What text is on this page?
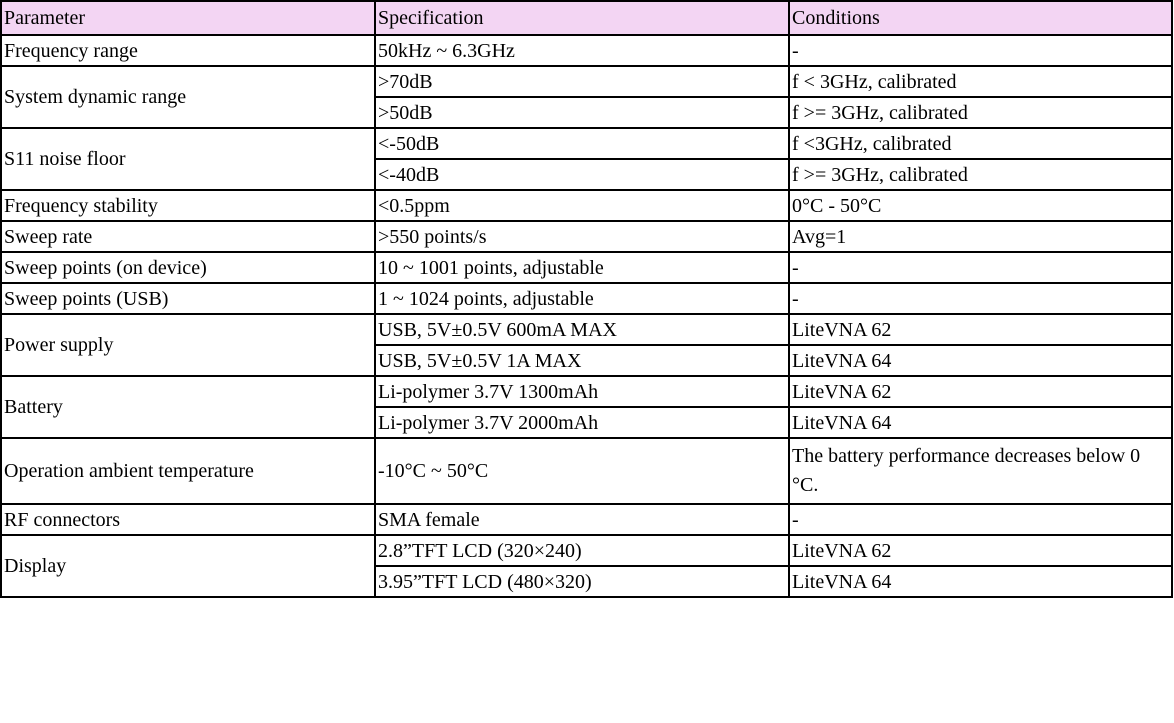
Parameter	Specification	Conditions
Frequency range	50kHz ~ 6.3GHz	-
System dynamic range	>70dB	f < 3GHz, calibrated
	>50dB	f >= 3GHz, calibrated
S11 noise floor	<-50dB	f <3GHz, calibrated
	<-40dB	f >= 3GHz, calibrated
Frequency stability	<0.5ppm	0°C - 50°C
Sweep rate	>550 points/s	Avg=1
Sweep points (on device)	10 ~ 1001 points, adjustable	-
Sweep points (USB)	1 ~ 1024 points, adjustable	-
Power supply	USB, 5V±0.5V 600mA MAX	LiteVNA 62
	USB, 5V±0.5V 1A MAX	LiteVNA 64
Battery	Li-polymer 3.7V 1300mAh	LiteVNA 62
	Li-polymer 3.7V 2000mAh	LiteVNA 64
Operation ambient temperature	-10°C ~ 50°C	The battery performance decreases below 0 °C.
RF connectors	SMA female	-
Display	2.8”TFT LCD (320×240)	LiteVNA 62
	3.95”TFT LCD (480×320)	LiteVNA 64
